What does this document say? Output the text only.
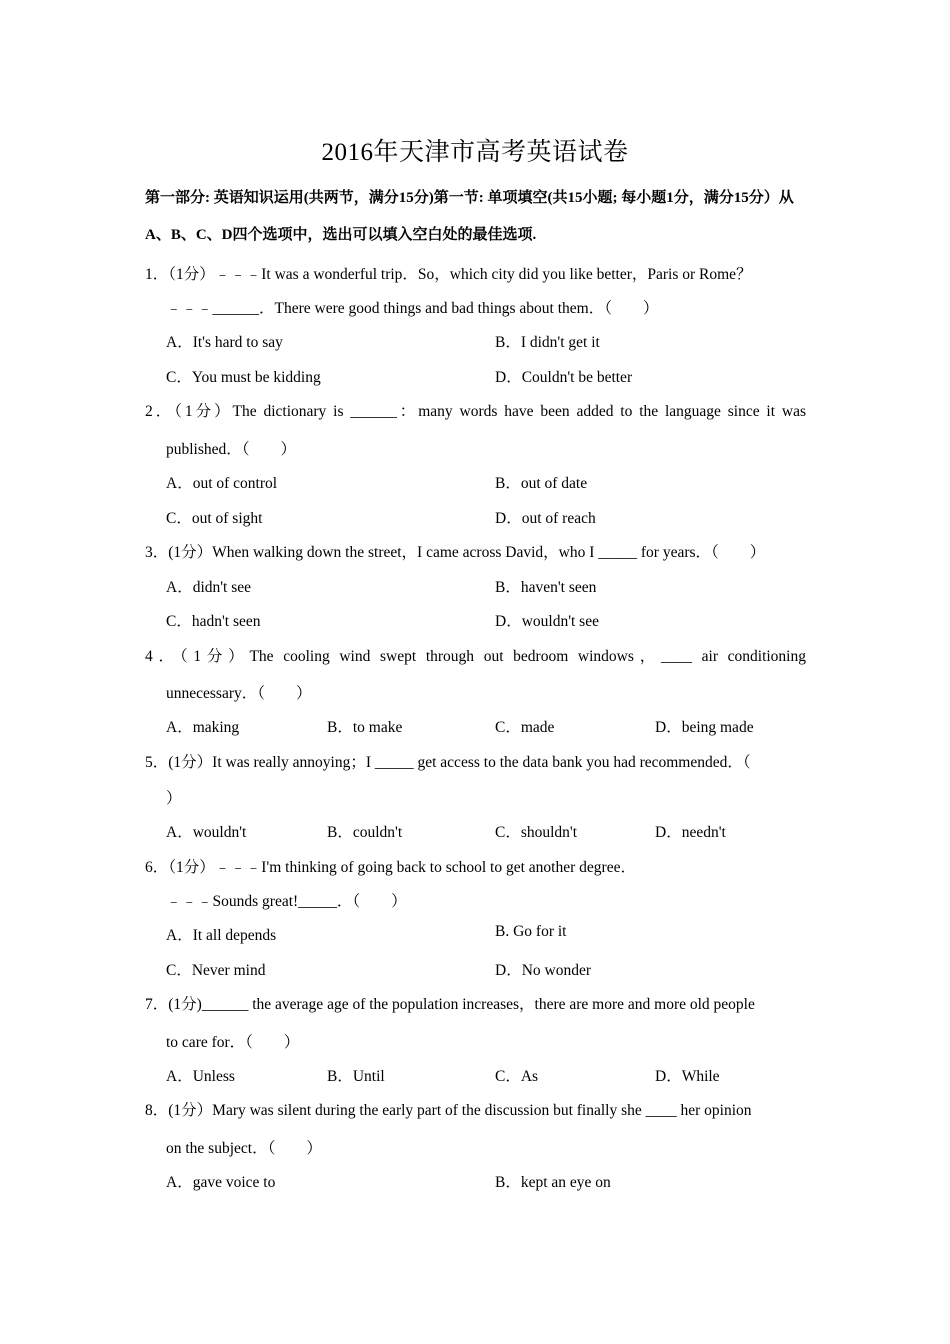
2016年天津市高考英语试卷
第一部分: 英语知识运用(共两节，满分15分)第一节: 单项填空(共15小题; 每小题1分，满分15分）从A、B、C、D四个选项中，选出可以填入空白处的最佳选项.
1．（1分）﹣﹣﹣It was a wonderful trip．So，which city did you like better，Paris or Rome？
﹣﹣﹣______．There were good things and bad things about them．（　　）
A．It's hard to say	B．I didn't get it
C．You must be kidding	D．Couldn't be better
2．（1分）The dictionary is ______：many words have been added to the language since it was
published．（　　）
A．out of control	B．out of date
C．out of sight	D．out of reach
3．(1分）When walking down the street，I came across David，who I _____ for years．（　　）
A．didn't see	B．haven't seen
C．hadn't seen	D．wouldn't see
4．（1分）The cooling wind swept through out bedroom windows，____ air conditioning
unnecessary．（　　）
A．making	B．to make	C．made	D．being made
5．(1分）It was really annoying；I _____ get access to the data bank you had recommended．（
）
A．wouldn't	B．couldn't	C．shouldn't	D．needn't
6．（1分）﹣﹣﹣I'm thinking of going back to school to get another degree．
﹣﹣﹣Sounds great!_____．（　　）
A．It all depends	B. Go for it
C．Never mind	D．No wonder
7．(1分)______ the average age of the population increases，there are more and more old people
to care for．（　　）
A．Unless	B．Until	C．As	D．While
8．(1分）Mary was silent during the early part of the discussion but finally she ____ her opinion
on the subject．（　　）
A．gave voice to	B．kept an eye on
